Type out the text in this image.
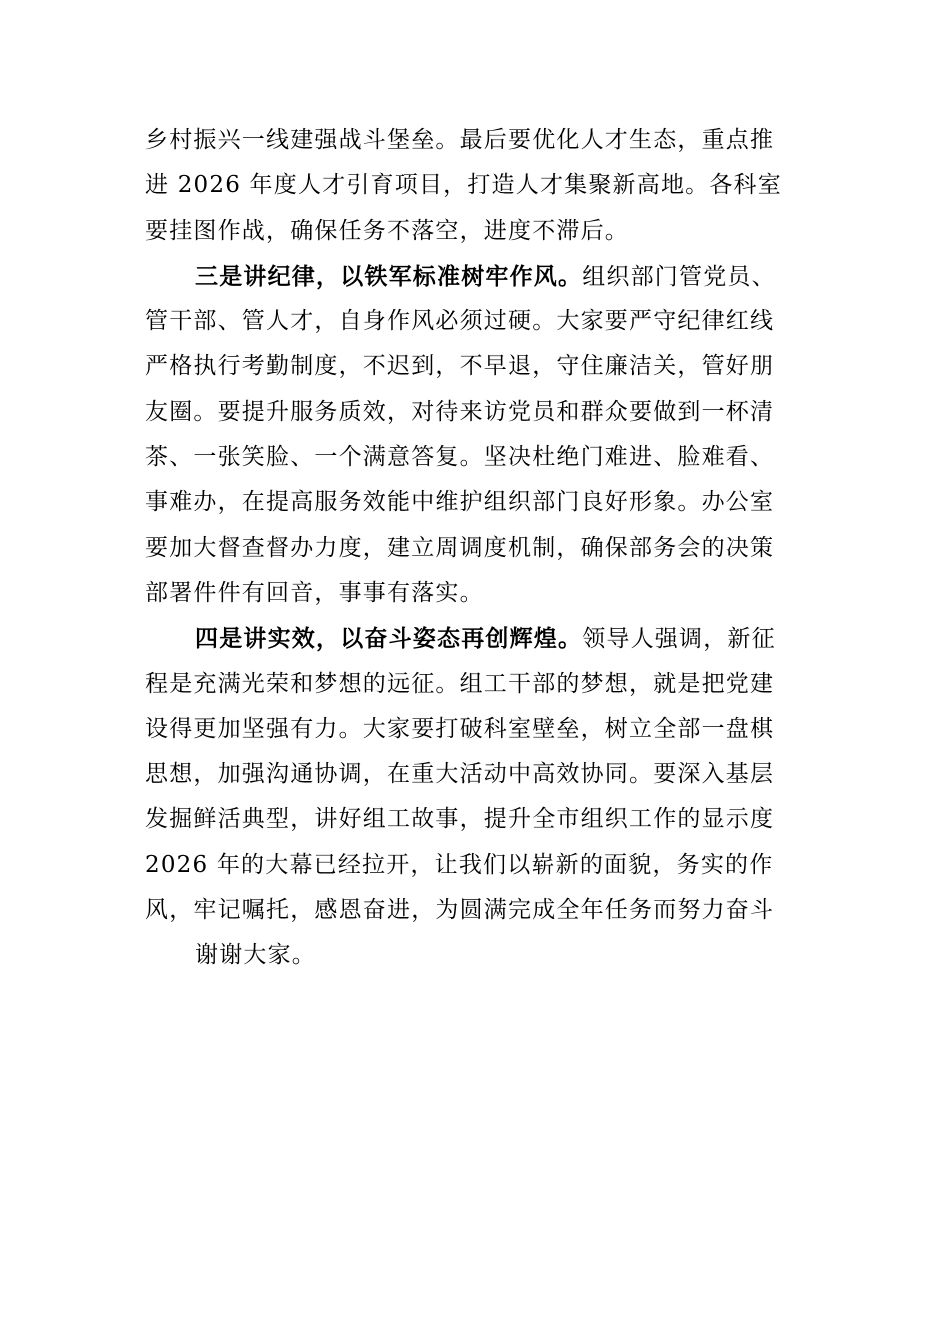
乡村振兴一线建强战斗堡垒。最后要优化人才生态，重点推
进 2026 年度人才引育项目，打造人才集聚新高地。各科室
要挂图作战，确保任务不落空，进度不滞后。
三是讲纪律，以铁军标准树牢作风。组织部门管党员、
管干部、管人才，自身作风必须过硬。大家要严守纪律红线
严格执行考勤制度，不迟到，不早退，守住廉洁关，管好朋
友圈。要提升服务质效，对待来访党员和群众要做到一杯清
茶、一张笑脸、一个满意答复。坚决杜绝门难进、脸难看、
事难办，在提高服务效能中维护组织部门良好形象。办公室
要加大督查督办力度，建立周调度机制，确保部务会的决策
部署件件有回音，事事有落实。
四是讲实效，以奋斗姿态再创辉煌。领导人强调，新征
程是充满光荣和梦想的远征。组工干部的梦想，就是把党建
设得更加坚强有力。大家要打破科室壁垒，树立全部一盘棋
思想，加强沟通协调，在重大活动中高效协同。要深入基层
发掘鲜活典型，讲好组工故事，提升全市组织工作的显示度
2026 年的大幕已经拉开，让我们以崭新的面貌，务实的作
风，牢记嘱托，感恩奋进，为圆满完成全年任务而努力奋斗
谢谢大家。
